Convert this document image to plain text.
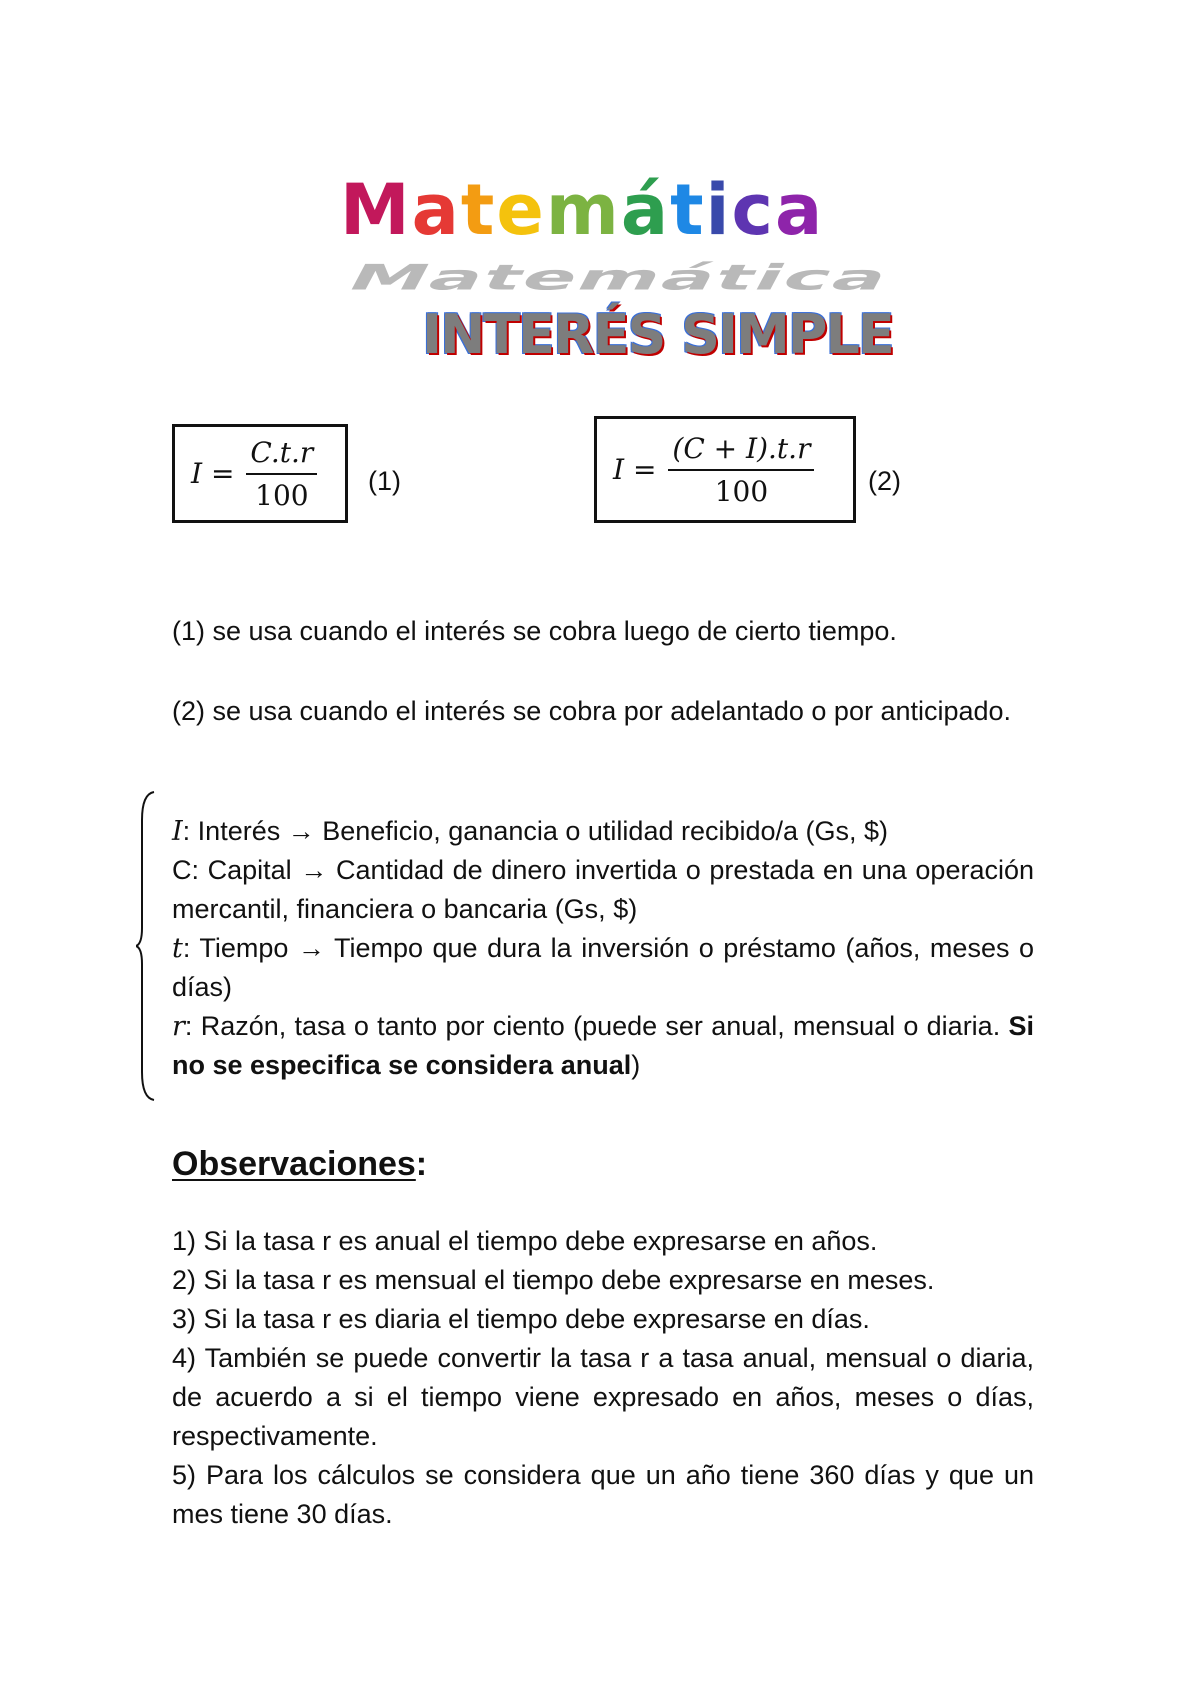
Matemática
Matemática
INTERÉS SIMPLE
$I = \frac{C.t.r}{100} (1)$	$I = \frac{(C + I).t.r}{100} (2)$
(1) se usa cuando el interés se cobra luego de cierto tiempo.
(2) se usa cuando el interés se cobra por adelantado o por anticipado.
I: Interés → Beneficio, ganancia o utilidad recibido/a (Gs, $)
C: Capital → Cantidad de dinero invertida o prestada en una operación mercantil, financiera o bancaria (Gs, $)
t: Tiempo → Tiempo que dura la inversión o préstamo (años, meses o días)
r: Razón, tasa o tanto por ciento (puede ser anual, mensual o diaria. Si no se especifica se considera anual)
Observaciones:
1) Si la tasa r es anual el tiempo debe expresarse en años.
2) Si la tasa r es mensual el tiempo debe expresarse en meses.
3) Si la tasa r es diaria el tiempo debe expresarse en días.
4) También se puede convertir la tasa r a tasa anual, mensual o diaria, de acuerdo a si el tiempo viene expresado en años, meses o días, respectivamente.
5) Para los cálculos se considera que un año tiene 360 días y que un mes tiene 30 días.
